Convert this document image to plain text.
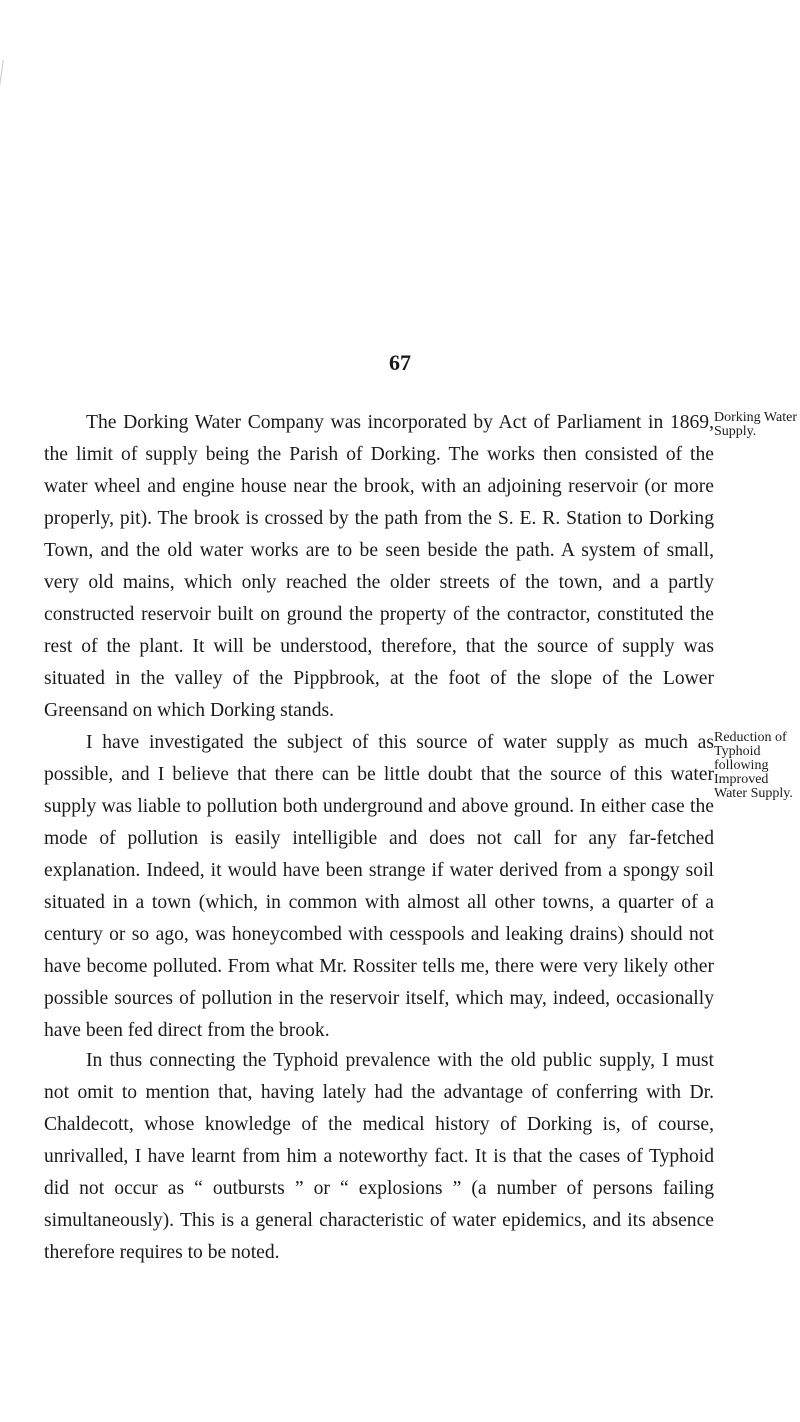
67

The Dorking Water Company was incorporated by Act of Parliament in 1869, the limit of supply being the Parish of Dorking. The works then consisted of the water wheel and engine house near the brook, with an adjoining reservoir (or more properly, pit). The brook is crossed by the path from the S. E. R. Station to Dorking Town, and the old water works are to be seen beside the path. A system of small, very old mains, which only reached the older streets of the town, and a partly constructed reservoir built on ground the property of the contractor, constituted the rest of the plant. It will be understood, therefore, that the source of supply was situated in the valley of the Pippbrook, at the foot of the slope of the Lower Greensand on which Dorking stands.

Dorking Water Supply.

I have investigated the subject of this source of water supply as much as possible, and I believe that there can be little doubt that the source of this water supply was liable to pollution both underground and above ground. In either case the mode of pollution is easily intelligible and does not call for any far-fetched explanation. Indeed, it would have been strange if water derived from a spongy soil situated in a town (which, in common with almost all other towns, a quarter of a century or so ago, was honeycombed with cesspools and leaking drains) should not have become polluted. From what Mr. Rossiter tells me, there were very likely other possible sources of pollution in the reservoir itself, which may, indeed, occasionally have been fed direct from the brook.

Reduction of Typhoid following Improved Water Supply.

In thus connecting the Typhoid prevalence with the old public supply, I must not omit to mention that, having lately had the advantage of conferring with Dr. Chaldecott, whose knowledge of the medical history of Dorking is, of course, unrivalled, I have learnt from him a noteworthy fact. It is that the cases of Typhoid did not occur as “ outbursts ” or “ explosions ” (a number of persons failing simultaneously). This is a general characteristic of water epidemics, and its absence therefore requires to be noted.
